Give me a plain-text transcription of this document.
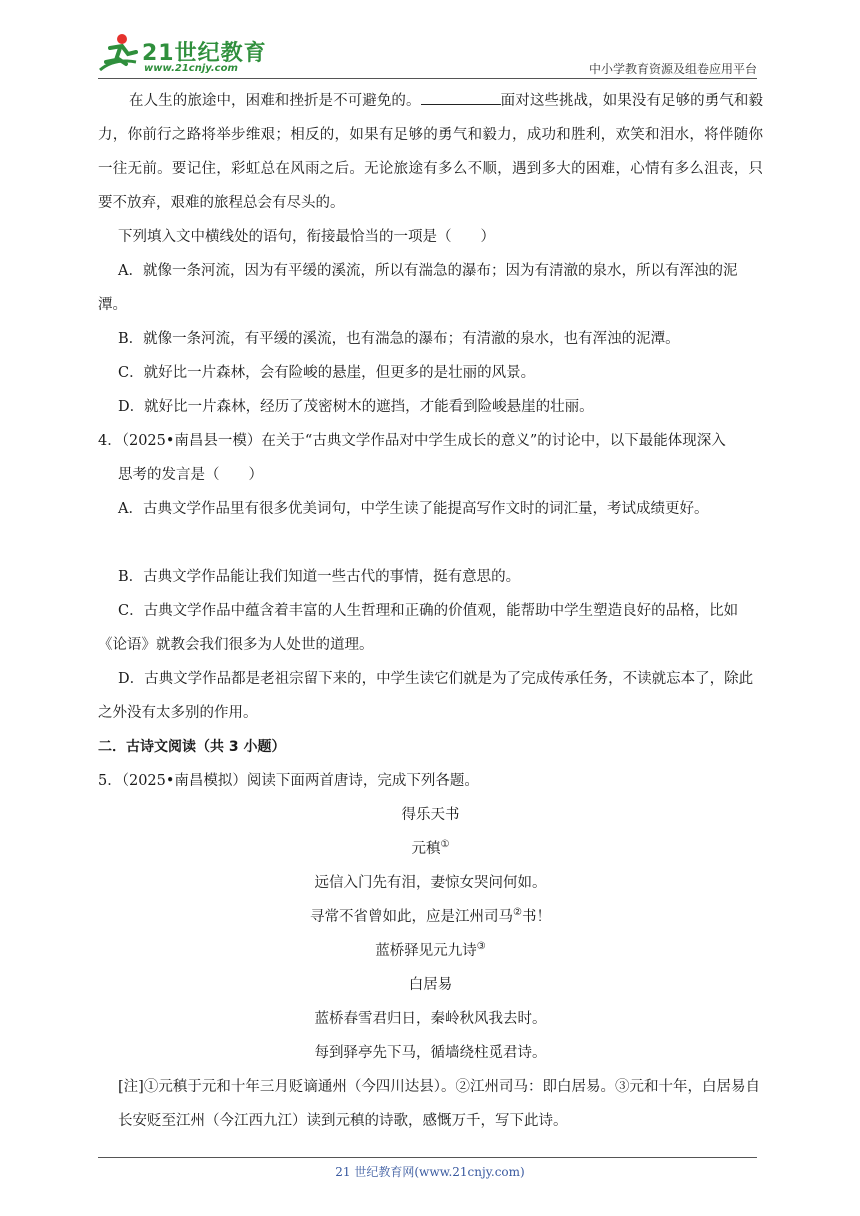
21世纪教育
www.21cnjy.com	中小学教育资源及组卷应用平台

在人生的旅途中，困难和挫折是不可避免的。	面对这些挑战，如果没有足够的勇气和毅力，你前行之路将举步维艰；相反的，如果有足够的勇气和毅力，成功和胜利，欢笑和泪水，将伴随你一往无前。要记住，彩虹总在风雨之后。无论旅途有多么不顺，遇到多大的困难，心情有多么沮丧，只要不放弃，艰难的旅程总会有尽头的。

下列填入文中横线处的语句，衔接最恰当的一项是（　　）

A．就像一条河流，因为有平缓的溪流，所以有湍急的瀑布；因为有清澈的泉水，所以有浑浊的泥潭。

B．就像一条河流，有平缓的溪流，也有湍急的瀑布；有清澈的泉水，也有浑浊的泥潭。

C．就好比一片森林，会有险峻的悬崖，但更多的是壮丽的风景。

D．就好比一片森林，经历了茂密树木的遮挡，才能看到险峻悬崖的壮丽。

4．（2025•南昌县一模）在关于“古典文学作品对中学生成长的意义”的讨论中，以下最能体现深入

思考的发言是（　　）

A．古典文学作品里有很多优美词句，中学生读了能提高写作文时的词汇量，考试成绩更好。

B．古典文学作品能让我们知道一些古代的事情，挺有意思的。

C．古典文学作品中蕴含着丰富的人生哲理和正确的价值观，能帮助中学生塑造良好的品格，比如《论语》就教会我们很多为人处世的道理。

D．古典文学作品都是老祖宗留下来的，中学生读它们就是为了完成传承任务，不读就忘本了，除此之外没有太多别的作用。

二．古诗文阅读（共 3 小题）

5．（2025•南昌模拟）阅读下面两首唐诗，完成下列各题。

得乐天书

元稹①

远信入门先有泪，妻惊女哭问何如。

寻常不省曾如此，应是江州司马②书！

蓝桥驿见元九诗③

白居易

蓝桥春雪君归日，秦岭秋风我去时。

每到驿亭先下马，循墙绕柱觅君诗。

[注]①元稹于元和十年三月贬谪通州（今四川达县）。②江州司马：即白居易。③元和十年，白居易自长安贬至江州（今江西九江）读到元稹的诗歌，感慨万千，写下此诗。

21 世纪教育网(www.21cnjy.com)
